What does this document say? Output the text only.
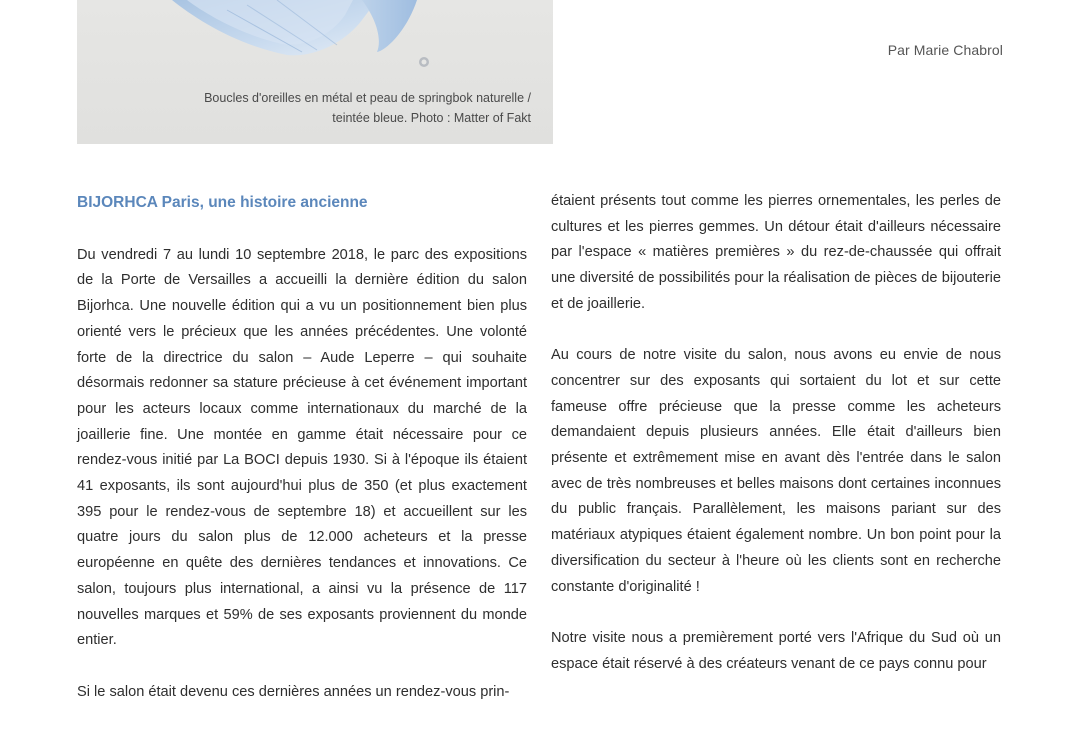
Boucles d'oreilles en métal et peau de springbok naturelle /
teintée bleue. Photo : Matter of Fakt
Par Marie Chabrol
BIJORHCA Paris, une histoire ancienne

Du vendredi 7 au lundi 10 septembre 2018, le parc des expositions de la Porte de Versailles a accueilli la dernière édition du salon Bijorhca. Une nouvelle édition qui a vu un positionnement bien plus orienté vers le précieux que les années précédentes. Une volonté forte de la directrice du salon – Aude Leperre – qui souhaite désormais redonner sa stature précieuse à cet événement important pour les acteurs locaux comme internationaux du marché de la joaillerie fine. Une montée en gamme était nécessaire pour ce rendez-vous initié par La BOCI depuis 1930. Si à l'époque ils étaient 41 exposants, ils sont aujourd'hui plus de 350 (et plus exactement 395 pour le rendez-vous de septembre 18) et accueillent sur les quatre jours du salon plus de 12.000 acheteurs et la presse européenne en quête des dernières tendances et innovations. Ce salon, toujours plus international, a ainsi vu la présence de 117 nouvelles marques et 59% de ses exposants proviennent du monde entier.

Si le salon était devenu ces dernières années un rendez-vous prin-

étaient présents tout comme les pierres ornementales, les perles de cultures et les pierres gemmes. Un détour était d'ailleurs nécessaire par l'espace « matières premières » du rez-de-chaussée qui offrait une diversité de possibilités pour la réalisation de pièces de bijouterie et de joaillerie.

Au cours de notre visite du salon, nous avons eu envie de nous concentrer sur des exposants qui sortaient du lot et sur cette fameuse offre précieuse que la presse comme les acheteurs demandaient depuis plusieurs années. Elle était d'ailleurs bien présente et extrêmement mise en avant dès l'entrée dans le salon avec de très nombreuses et belles maisons dont certaines inconnues du public français. Parallèlement, les maisons pariant sur des matériaux atypiques étaient également nombre. Un bon point pour la diversification du secteur à l'heure où les clients sont en recherche constante d'originalité !

Notre visite nous a premièrement porté vers l'Afrique du Sud où un espace était réservé à des créateurs venant de ce pays connu pour
